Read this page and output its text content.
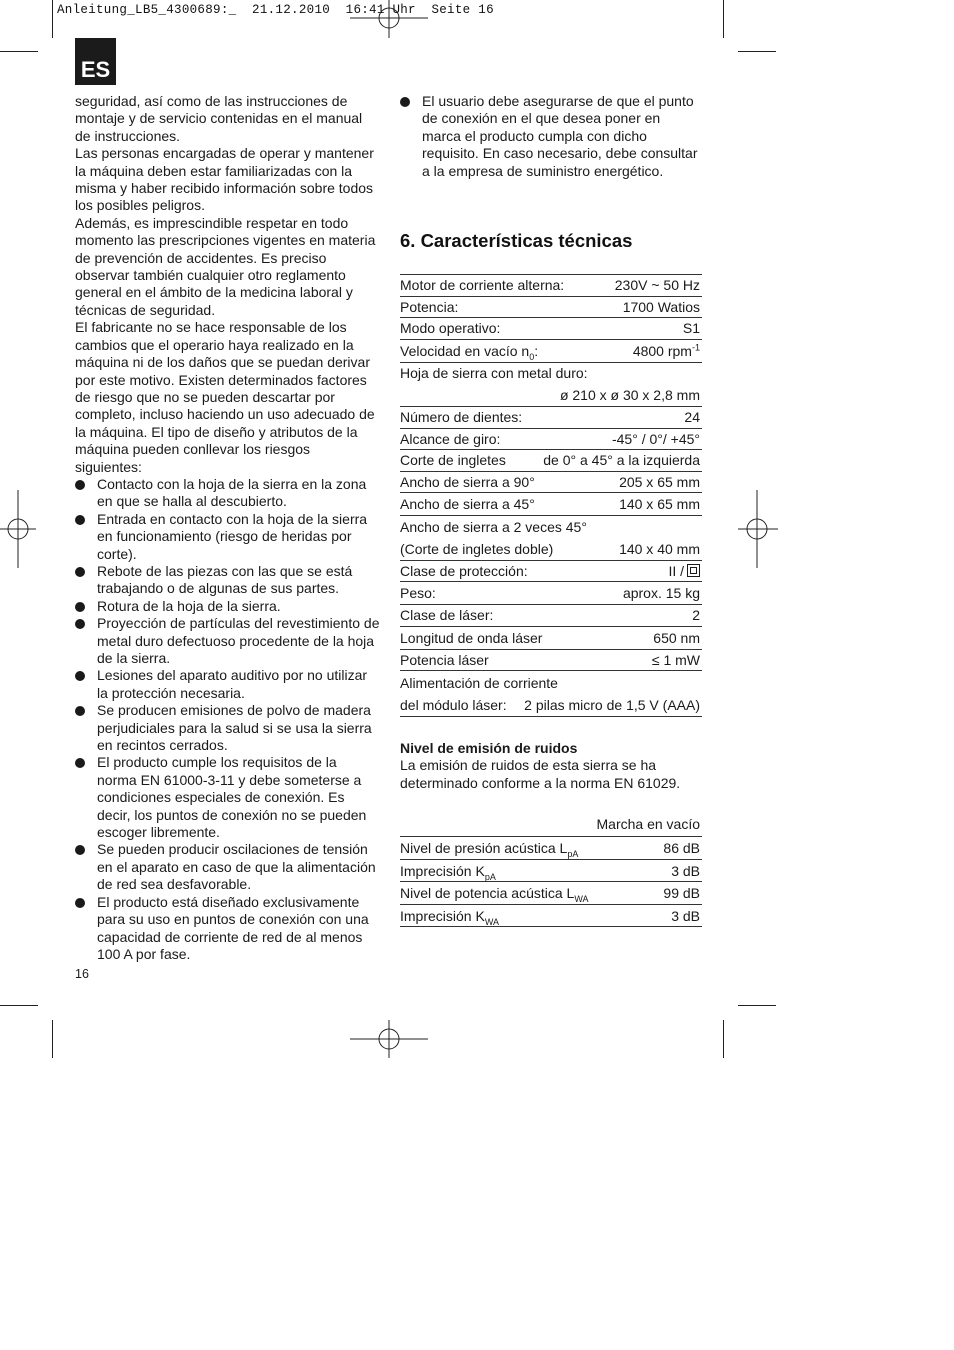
Anleitung_LB5_4300689:_  21.12.2010  16:41 Uhr  Seite 16
ES

seguridad, así como de las instrucciones de montaje y de servicio contenidas en el manual de instrucciones.

Las personas encargadas de operar y mantener la máquina deben estar familiarizadas con la misma y haber recibido información sobre todos los posibles peligros.

Además, es imprescindible respetar en todo momento las prescripciones vigentes en materia de prevención de accidentes. Es preciso observar también cualquier otro reglamento general en el ámbito de la medicina laboral y técnicas de seguridad.

El fabricante no se hace responsable de los cambios que el operario haya realizado en la máquina ni de los daños que se puedan derivar por este motivo. Existen determinados factores de riesgo que no se pueden descartar por completo, incluso haciendo un uso adecuado de la máquina. El tipo de diseño y atributos de la máquina pueden conllevar los riesgos siguientes:

Contacto con la hoja de la sierra en la zona en que se halla al descubierto.
Entrada en contacto con la hoja de la sierra en funcionamiento (riesgo de heridas por corte).
Rebote de las piezas con las que se está trabajando o de algunas de sus partes.
Rotura de la hoja de la sierra.
Proyección de partículas del revestimiento de metal duro defectuoso procedente de la hoja de la sierra.
Lesiones del aparato auditivo por no utilizar la protección necesaria.
Se producen emisiones de polvo de madera perjudiciales para la salud si se usa la sierra en recintos cerrados.
El producto cumple los requisitos de la norma EN 61000-3-11 y debe someterse a condiciones especiales de conexión. Es decir, los puntos de conexión no se pueden escoger libremente.
Se pueden producir oscilaciones de tensión en el aparato en caso de que la alimentación de red sea desfavorable.
El producto está diseñado exclusivamente para su uso en puntos de conexión con una capacidad de corriente de red de al menos 100 A por fase.
El usuario debe asegurarse de que el punto de conexión en el que desea poner en marca el producto cumpla con dicho requisito. En caso necesario, debe consultar a la empresa de suministro energético.
6. Características técnicas
Motor de corriente alterna:	230V ~ 50 Hz
Potencia:	1700 Watios
Modo operativo:	S1
Velocidad en vacío $n_0$:	4800 rpm$^{-1}$
Hoja de sierra con metal duro:
ø 210 x ø 30 x 2,8 mm
Número de dientes:	24
Alcance de giro:	-45° / 0°/ +45°
Corte de ingletes	de 0° a 45° a la izquierda
Ancho de sierra a 90°	205 x 65 mm
Ancho de sierra a 45°	140 x 65 mm
Ancho de sierra a 2 veces 45°
(Corte de ingletes doble)	140 x 40 mm
Clase de protección:	II /
Peso:	aprox. 15 kg
Clase de láser:	2
Longitud de onda láser	650 nm
Potencia láser	≤ 1 mW
Alimentación de corriente
del módulo láser: 2 pilas micro de 1,5 V (AAA)
Nivel de emisión de ruidos
La emisión de ruidos de esta sierra se ha determinado conforme a la norma EN 61029.
Marcha en vacío
Nivel de presión acústica $L_{pA}$	86 dB
Imprecisión $K_{pA}$	3 dB
Nivel de potencia acústica $L_{WA}$	99 dB
Imprecisión $K_{WA}$	3 dB
16
